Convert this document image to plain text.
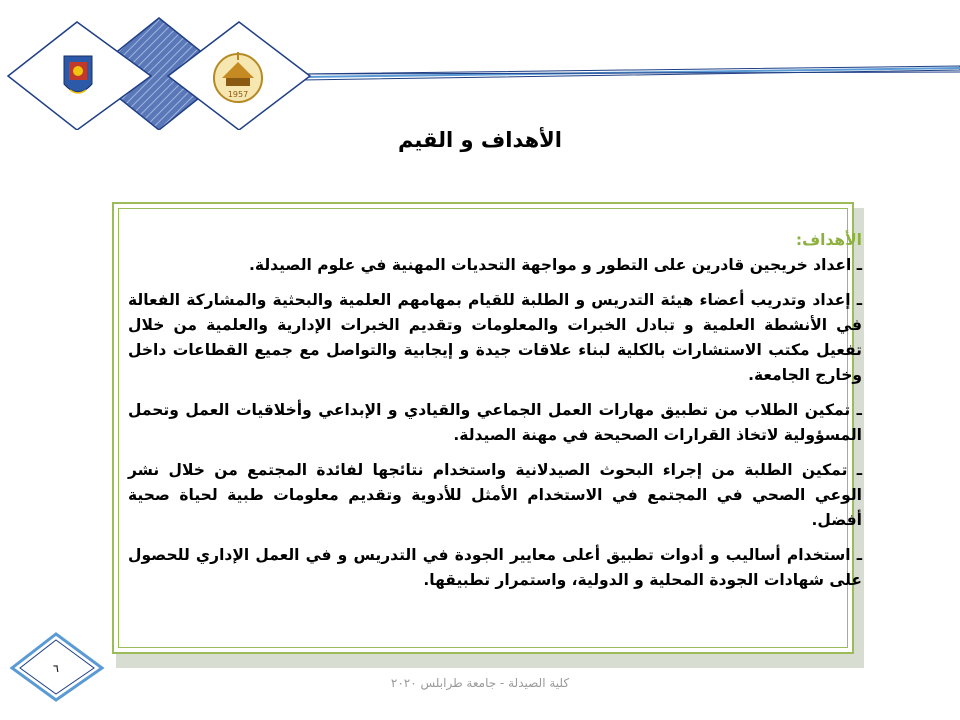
1957
الأهداف و القيم

الأهداف:

ـ اعداد خريجين قادرين على التطور و مواجهة التحديات المهنية في علوم الصيدلة.

ـ إعداد وتدريب أعضاء هيئة التدريس و الطلبة للقيام بمهامهم العلمية والبحثية والمشاركة الفعالة في الأنشطة العلمية و تبادل الخبرات والمعلومات وتقديم الخبرات الإدارية والعلمية من خلال تفعيل مكتب الاستشارات بالكلية لبناء علاقات جيدة و إيجابية والتواصل مع جميع القطاعات داخل وخارج الجامعة.

ـ تمكين الطلاب من تطبيق مهارات العمل الجماعي والقيادي و الإبداعي وأخلاقيات العمل وتحمل المسؤولية لاتخاذ القرارات الصحيحة في مهنة الصيدلة.

ـ تمكين الطلبة من إجراء البحوث الصيدلانية واستخدام نتائجها لفائدة المجتمع من خلال نشر الوعي الصحي في المجتمع في الاستخدام الأمثل للأدوية وتقديم معلومات طبية لحياة صحية أفضل.

ـ استخدام أساليب و أدوات تطبيق أعلى معايير الجودة في التدريس و في العمل الإداري للحصول على شهادات الجودة المحلية و الدولية، واستمرار تطبيقها.

٦
كلية الصيدلة - جامعة طرابلس ٢٠٢٠
